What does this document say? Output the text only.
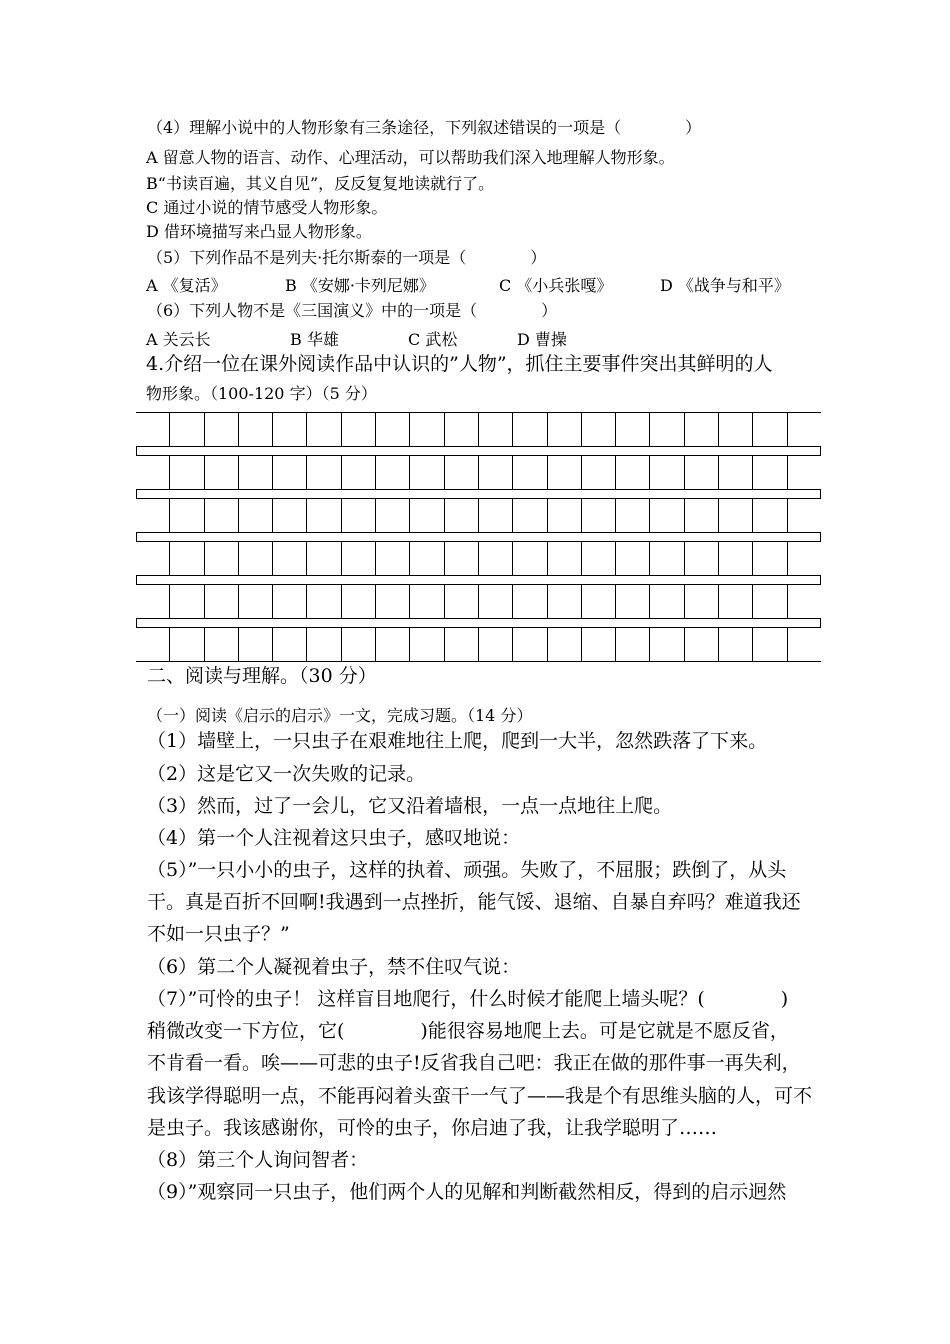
（4）理解小说中的人物形象有三条途径，下列叙述错误的一项是（　　　　）
A 留意人物的语言、动作、心理活动，可以帮助我们深入地理解人物形象。
B“书读百遍，其义自见”，反反复复地读就行了。
C 通过小说的情节感受人物形象。
D 借环境描写来凸显人物形象。
（5）下列作品不是列夫·托尔斯泰的一项是（　　　　）
A 《复活》	B 《安娜·卡列尼娜》	C 《小兵张嘎》	D 《战争与和平》
（6）下列人物不是《三国演义》中的一项是（　　　　）
A 关云长	B 华雄	C 武松	D 曹操
4.介绍一位在课外阅读作品中认识的”人物”，抓住主要事件突出其鲜明的人
物形象。（100-120 字）（5 分）
二、阅读与理解。（30 分）
（一）阅读《启示的启示》一文，完成习题。（14 分）
（1）墙壁上，一只虫子在艰难地往上爬，爬到一大半，忽然跌落了下来。
（2）这是它又一次失败的记录。
（3）然而，过了一会儿，它又沿着墙根，一点一点地往上爬。
（4）第一个人注视着这只虫子，感叹地说：
（5）”一只小小的虫子，这样的执着、顽强。失败了，不屈服；跌倒了，从头
干。真是百折不回啊!我遇到一点挫折，能气馁、退缩、自暴自弃吗？难道我还
不如一只虫子？”
（6）第二个人凝视着虫子，禁不住叹气说：
（7）”可怜的虫子！ 这样盲目地爬行，什么时候才能爬上墙头呢？(　　　　)
稍微改变一下方位，它(　　　　)能很容易地爬上去。可是它就是不愿反省，
不肯看一看。唉——可悲的虫子!反省我自己吧：我正在做的那件事一再失利，
我该学得聪明一点，不能再闷着头蛮干一气了——我是个有思维头脑的人，可不
是虫子。我该感谢你，可怜的虫子，你启迪了我，让我学聪明了……
（8）第三个人询问智者：
（9）”观察同一只虫子，他们两个人的见解和判断截然相反，得到的启示迥然
